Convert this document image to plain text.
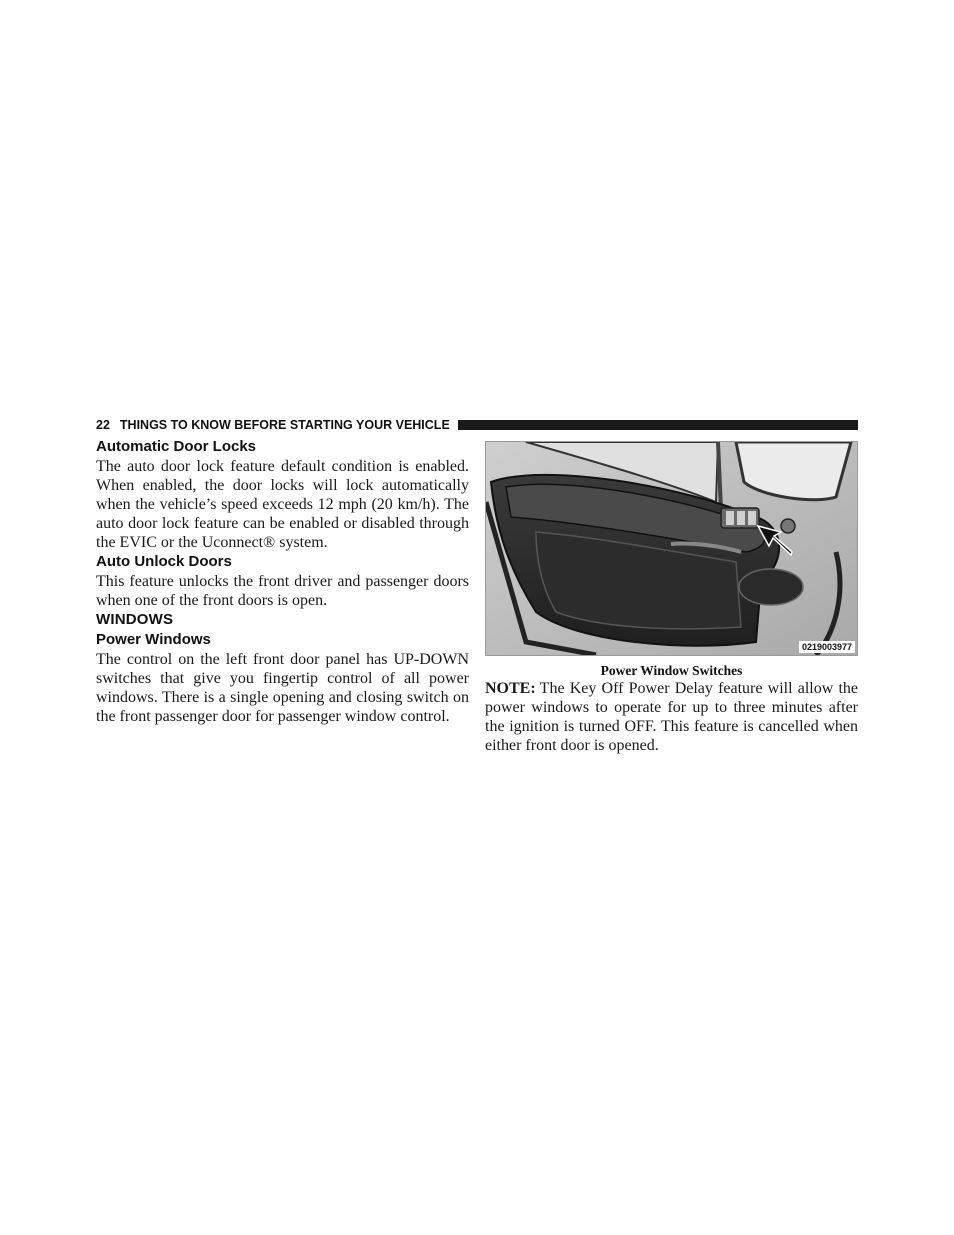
22 THINGS TO KNOW BEFORE STARTING YOUR VEHICLE
Automatic Door Locks

The auto door lock feature default condition is enabled. When enabled, the door locks will lock automatically when the vehicle’s speed exceeds 12 mph (20 km/h). The auto door lock feature can be enabled or disabled through the EVIC or the Uconnect® system.

Auto Unlock Doors

This feature unlocks the front driver and passenger doors when one of the front doors is open.

WINDOWS
Power Windows

The control on the left front door panel has UP-DOWN switches that give you fingertip control of all power windows. There is a single opening and closing switch on the front passenger door for passenger window control.

0219003977
Power Window Switches

NOTE: The Key Off Power Delay feature will allow the power windows to operate for up to three minutes after the ignition is turned OFF. This feature is cancelled when either front door is opened.
